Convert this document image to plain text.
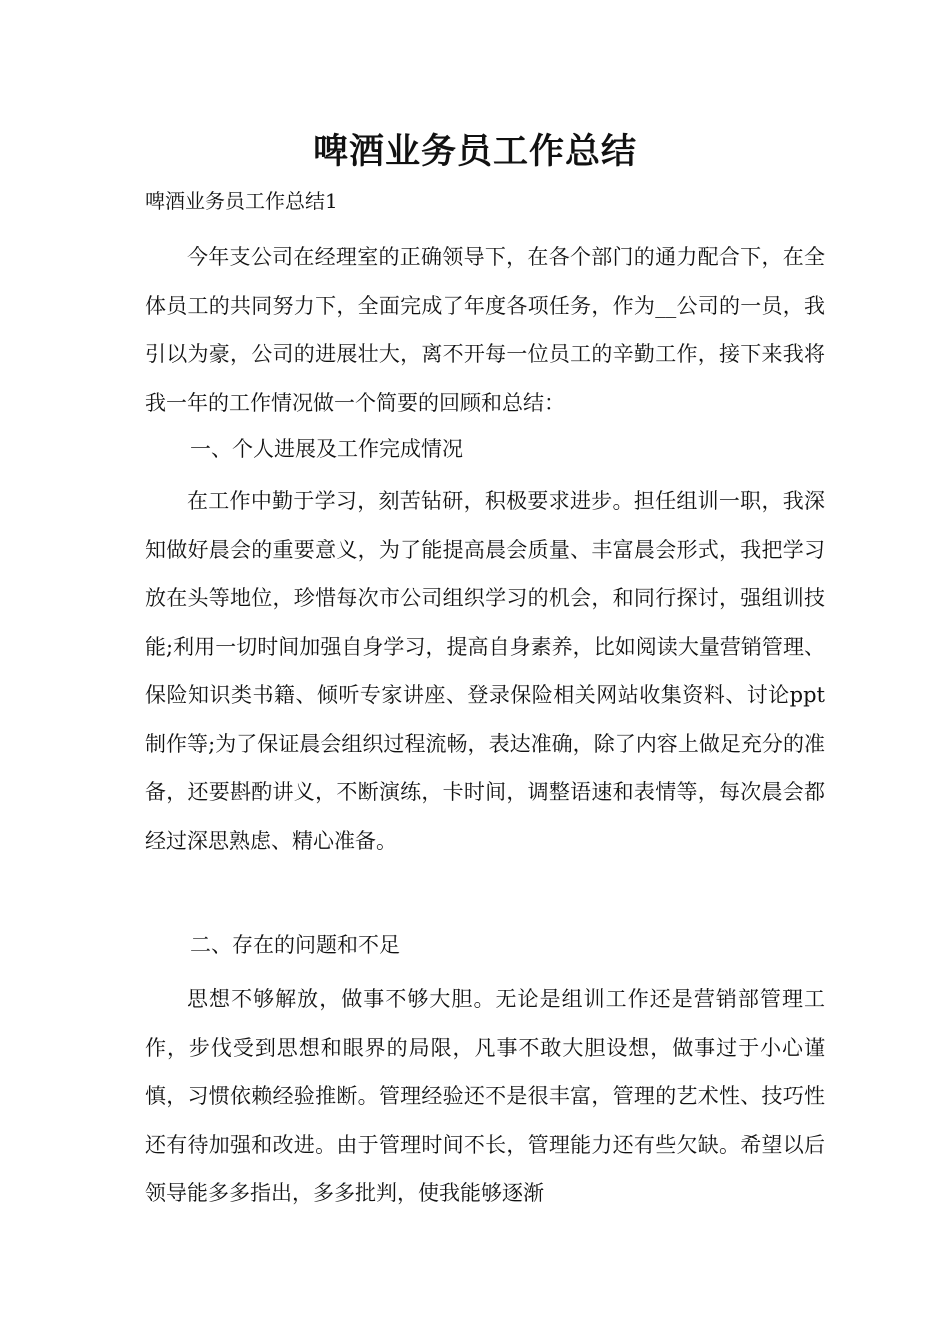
啤酒业务员工作总结
啤酒业务员工作总结1

今年支公司在经理室的正确领导下，在各个部门的通力配合下，在全体员工的共同努力下，全面完成了年度各项任务，作为__公司的一员，我引以为豪，公司的进展壮大，离不开每一位员工的辛勤工作，接下来我将我一年的工作情况做一个简要的回顾和总结：

一、个人进展及工作完成情况

在工作中勤于学习，刻苦钻研，积极要求进步。担任组训一职，我深知做好晨会的重要意义，为了能提高晨会质量、丰富晨会形式，我把学习放在头等地位，珍惜每次市公司组织学习的机会，和同行探讨，强组训技能;利用一切时间加强自身学习，提高自身素养，比如阅读大量营销管理、保险知识类书籍、倾听专家讲座、登录保险相关网站收集资料、讨论ppt制作等;为了保证晨会组织过程流畅，表达准确，除了内容上做足充分的准备，还要斟酌讲义，不断演练，卡时间，调整语速和表情等，每次晨会都经过深思熟虑、精心准备。

二、存在的问题和不足

思想不够解放，做事不够大胆。无论是组训工作还是营销部管理工作，步伐受到思想和眼界的局限，凡事不敢大胆设想，做事过于小心谨慎，习惯依赖经验推断。管理经验还不是很丰富，管理的艺术性、技巧性还有待加强和改进。由于管理时间不长，管理能力还有些欠缺。希望以后领导能多多指出，多多批判，使我能够逐渐
